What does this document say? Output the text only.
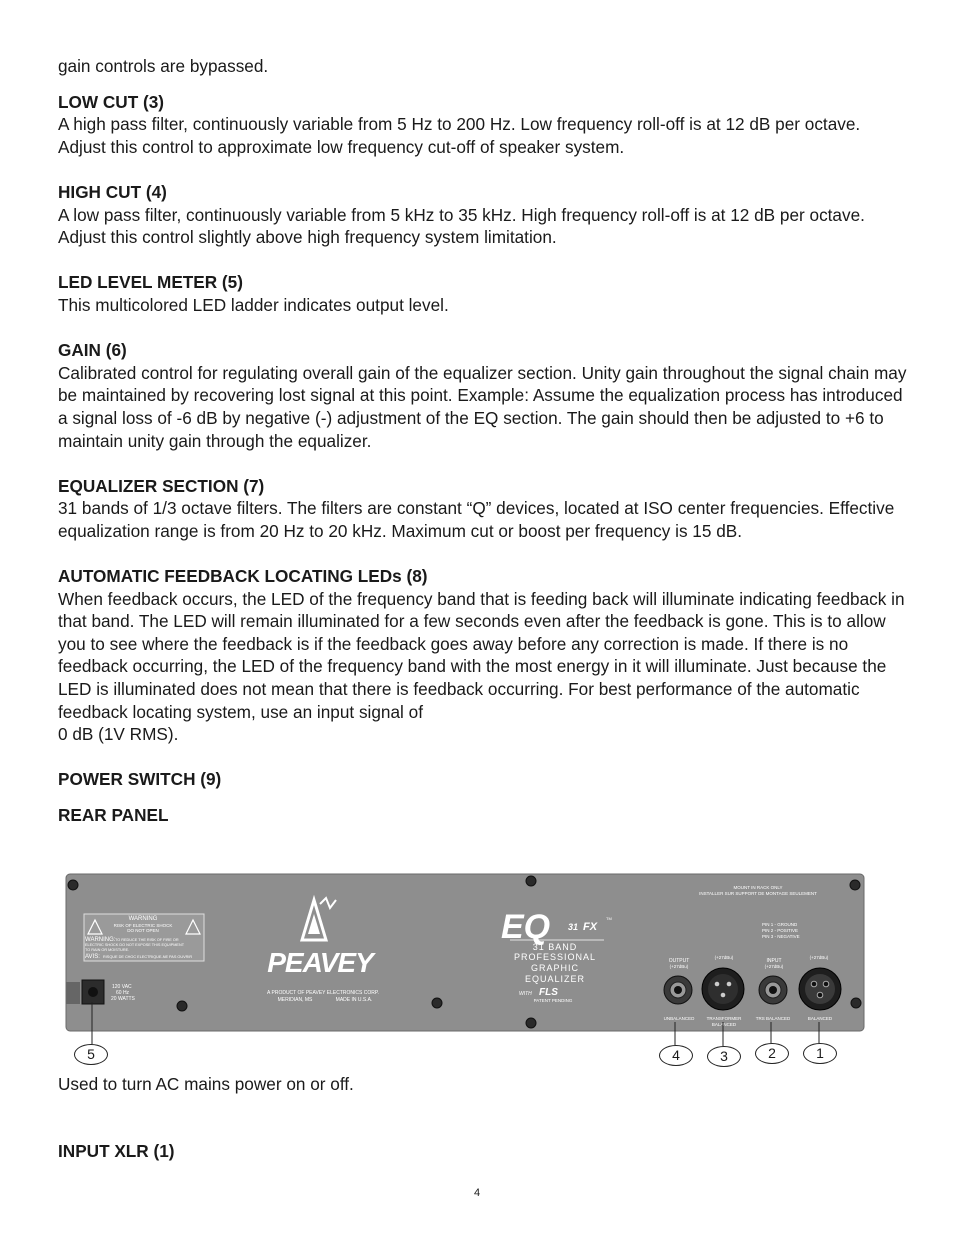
gain controls are bypassed.

LOW CUT (3)

A high pass filter, continuously variable from 5 Hz to 200 Hz. Low frequency roll-off is at 12 dB per octave. Adjust this control to approximate low frequency cut-off of speaker system.

HIGH CUT (4)

A low pass filter, continuously variable from 5 kHz to 35 kHz. High frequency roll-off is at 12 dB per octave. Adjust this control slightly above high frequency system limitation.

LED LEVEL METER (5)

This multicolored LED ladder indicates output level.

GAIN (6)

Calibrated control for regulating overall gain of the equalizer section. Unity gain throughout the signal chain may be maintained by recovering lost signal at this point. Example: Assume the equalization process has introduced a signal loss of -6 dB by negative (-) adjustment of the EQ section. The gain should then be adjusted to +6 to maintain unity gain through the equalizer.

EQUALIZER SECTION (7)

31 bands of 1/3 octave filters. The filters are constant “Q” devices, located at ISO center frequencies. Effective equalization range is from 20 Hz to 20 kHz. Maximum cut or boost per frequency is 15 dB.

AUTOMATIC FEEDBACK LOCATING LEDs (8)

When feedback occurs, the LED of the frequency band that is feeding back will illuminate indicating feedback in that band. The LED will remain illuminated for a few seconds even after the feedback is gone. This is to allow you to see where the feedback is if the feedback goes away before any correction is made. If there is no feedback occurring, the LED of the frequency band with the most energy in it will illuminate. Just because the LED is illuminated does not mean that there is feedback occurring. For best performance of the automatic feedback locating system, use an input signal of

0 dB (1V RMS).

POWER SWITCH (9)

REAR PANEL

WARNING
RISK OF ELECTRIC SHOCK
DO NOT OPEN
WARNING: TO REDUCE THE RISK OF FIRE OR
ELECTRIC SHOCK DO NOT EXPOSE THIS EQUIPMENT
TO RAIN OR MOISTURE.
AVIS: RISQUE DE CHOC ELECTRIQUE-NE PAS OUVRIR
120 VAC
60 Hz
20 WATTS
PEAVEY
A PRODUCT OF PEAVEY ELECTRONICS CORP.
MERIDIAN, MS	MADE IN U.S.A.
EQ 31 FX
TM
31 BAND
PROFESSIONAL
GRAPHIC
EQUALIZER
WITH FLS
PATENT PENDING
MOUNT IN RACK ONLY
INSTALLER SUR SUPPORT DE MONTAGE SEULEMENT
PIN 1 - GROUND
PIN 2 - POSITIVE
PIN 3 - NEGATIVE
OUTPUT
(+27dBu)
(+27dBu)
INPUT
(+27dBu)
(+27dBu)
UNBALANCED	TRANSFORMER
BALANCED
TRS BALANCED	BALANCED
5	4	3	2	1

Used to turn AC mains power on or off.

INPUT XLR (1)

4
